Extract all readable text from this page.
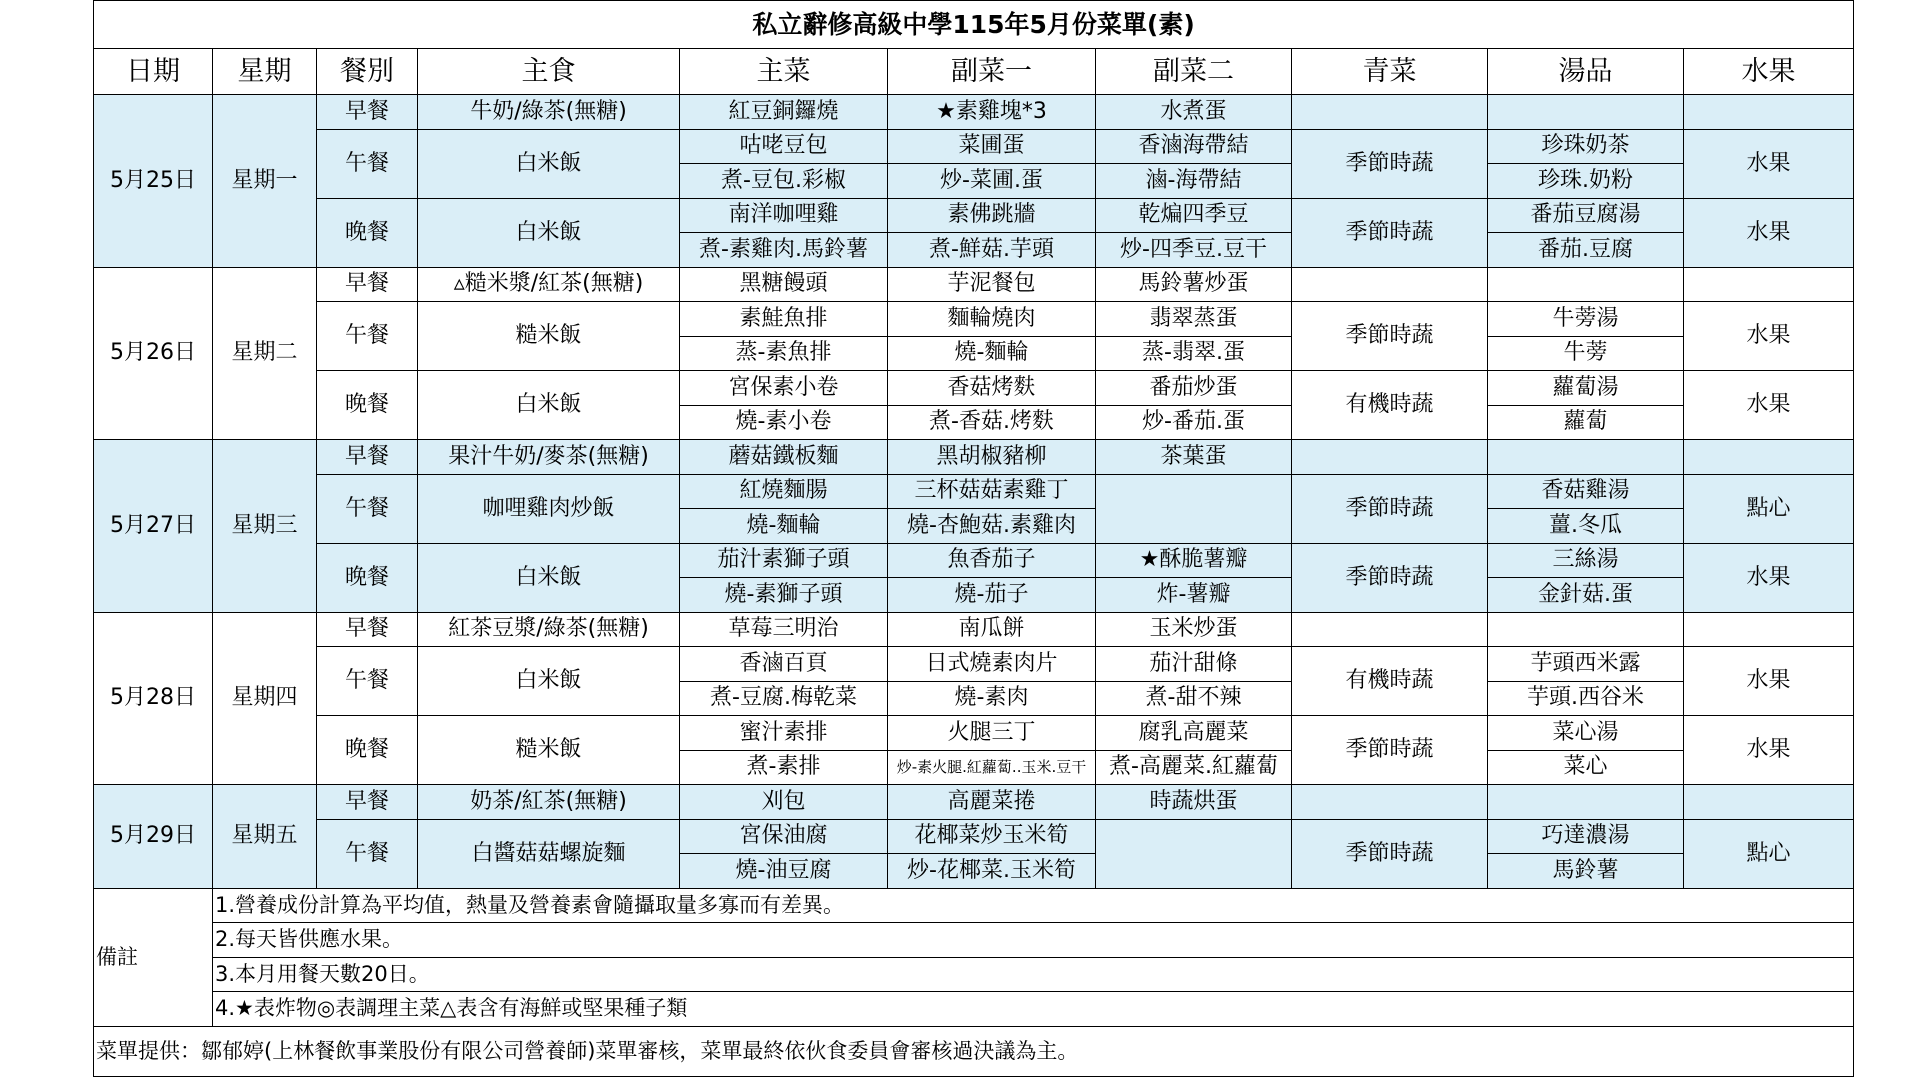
私立辭修高級中學115年5月份菜單(素)									
日期	星期	餐別	主食	主菜	副菜一	副菜二	青菜	湯品	水果
5月25日	星期一	早餐	牛奶/綠茶(無糖)	紅豆銅鑼燒	★素雞塊*3	水煮蛋			
		午餐	白米飯	咕咾豆包	菜圃蛋	香滷海帶結	季節時蔬	珍珠奶茶	水果
				煮-豆包.彩椒	炒-菜圃.蛋	滷-海帶結		珍珠.奶粉	
		晚餐	白米飯	南洋咖哩雞	素佛跳牆	乾煸四季豆	季節時蔬	番茄豆腐湯	水果
				煮-素雞肉.馬鈴薯	煮-鮮菇.芋頭	炒-四季豆.豆干		番茄.豆腐	
5月26日	星期二	早餐	▵糙米漿/紅茶(無糖)	黑糖饅頭	芋泥餐包	馬鈴薯炒蛋			
		午餐	糙米飯	素鮭魚排	麵輪燒肉	翡翠蒸蛋	季節時蔬	牛蒡湯	水果
				蒸-素魚排	燒-麵輪	蒸-翡翠.蛋		牛蒡	
		晚餐	白米飯	宮保素小卷	香菇烤麩	番茄炒蛋	有機時蔬	蘿蔔湯	水果
				燒-素小卷	煮-香菇.烤麩	炒-番茄.蛋		蘿蔔	
5月27日	星期三	早餐	果汁牛奶/麥茶(無糖)	蘑菇鐵板麵	黑胡椒豬柳	茶葉蛋			
		午餐	咖哩雞肉炒飯	紅燒麵腸	三杯菇菇素雞丁		季節時蔬	香菇雞湯	點心
				燒-麵輪	燒-杏鮑菇.素雞肉			薑.冬瓜	
		晚餐	白米飯	茄汁素獅子頭	魚香茄子	★酥脆薯瓣	季節時蔬	三絲湯	水果
				燒-素獅子頭	燒-茄子	炸-薯瓣		金針菇.蛋	
5月28日	星期四	早餐	紅茶豆漿/綠茶(無糖)	草莓三明治	南瓜餅	玉米炒蛋			
		午餐	白米飯	香滷百頁	日式燒素肉片	茄汁甜條	有機時蔬	芋頭西米露	水果
				煮-豆腐.梅乾菜	燒-素肉	煮-甜不辣		芋頭.西谷米	
		晚餐	糙米飯	蜜汁素排	火腿三丁	腐乳高麗菜	季節時蔬	菜心湯	水果
				煮-素排	炒-素火腿.紅蘿蔔..玉米.豆干	煮-高麗菜.紅蘿蔔		菜心	
5月29日	星期五	早餐	奶茶/紅茶(無糖)	刈包	高麗菜捲	時蔬烘蛋			
		午餐	白醬菇菇螺旋麵	宮保油腐	花椰菜炒玉米筍		季節時蔬	巧達濃湯	點心
				燒-油豆腐	炒-花椰菜.玉米筍			馬鈴薯	
備註	1.營養成份計算為平均值，熱量及營養素會隨攝取量多寡而有差異。								
	2.每天皆供應水果。								
	3.本月用餐天數20日。								
	4.★表炸物◎表調理主菜△表含有海鮮或堅果種子類								
菜單提供：鄒郁婷(上林餐飲事業股份有限公司營養師)菜單審核，菜單最終依伙食委員會審核過決議為主。									
